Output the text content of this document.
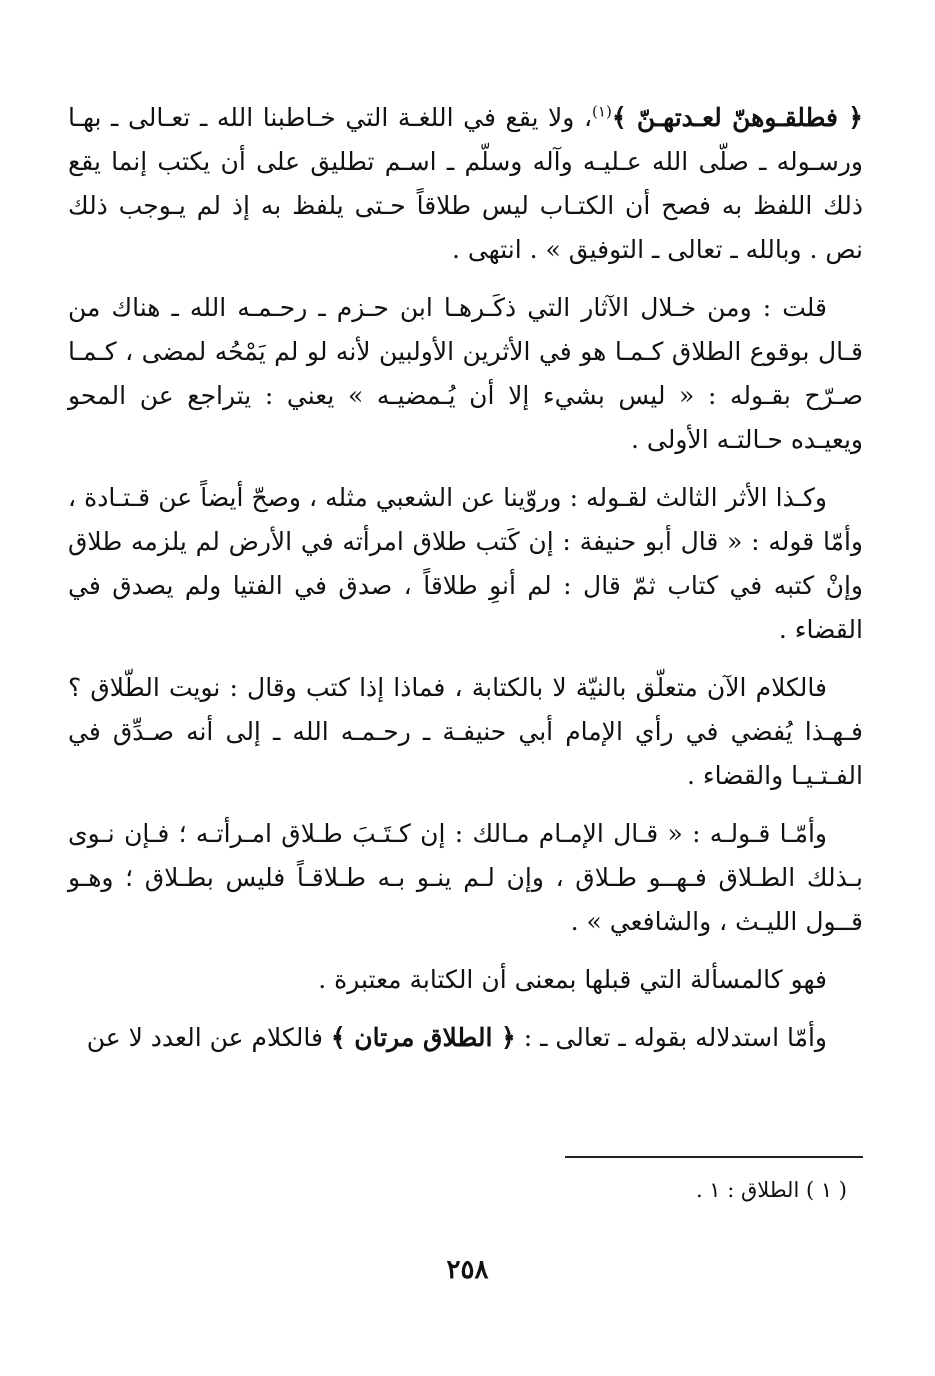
﴿ فطلقـوهنّ لعـدتهـنّ ﴾$^{(١)}$، ولا يقع في اللغـة التي خـاطبنا الله ـ تعـالى ـ بهـا ورسـوله ـ صلّى الله عـليـه وآله وسلّم ـ اسـم تطليق على أن يكتب إنما يقع ذلك اللفظ به فصح أن الكتـاب ليس طلاقاً حـتى يلفظ به إذ لم يـوجب ذلك نص . وبالله ـ تعالى ـ التوفيق » . انتهى .

قلت : ومن خـلال الآثار التي ذكَـرهـا ابن حـزم ـ رحـمـه الله ـ هناك من قـال بوقوع الطلاق كـمـا هو في الأثرين الأولبين لأنه لو لم يَمْحُه لمضى ، كـمـا صـرّح بقـوله : « ليس بشيء إلا أن يُـمضيـه » يعني : يتراجع عن المحو ويعيـده حـالتـه الأولى .

وكـذا الأثر الثالث لقـوله : وروّينا عن الشعبي مثله ، وصحّ أيضاً عن قـتـادة ، وأمّا قوله : « قال أبو حنيفة : إن كَتب طلاق امرأته في الأرض لم يلزمه طلاق وإنْ كتبه في كتاب ثمّ قال : لم أنوِ طلاقاً ، صدق في الفتيا ولم يصدق في القضاء .

فالكلام الآن متعلّق بالنيّة لا بالكتابة ، فماذا إذا كتب وقال : نويت الطّلاق ؟ فـهـذا يُفضي في رأي الإمام أبي حنيفـة ـ رحـمـه الله ـ إلى أنه صـدِّق في الفـتـيـا والقضاء .

وأمّـا قـولـه : « قـال الإمـام مـالك : إن كـتَـبَ طـلاق امـرأتـه ؛ فـإن نـوى بـذلك الطـلاق فـهــو طـلاق ، وإن لـم ينـو بـه طـلاقـاً فليس بطـلاق ؛ وهـو قــول الليـث ، والشافعي » .

فهو كالمسألة التي قبلها بمعنى أن الكتابة معتبرة .

وأمّا استدلاله بقوله ـ تعالى ـ : ﴿ الطلاق مرتان ﴾ فالكلام عن العدد لا عن

( ١ ) الطلاق : ١ .
٢٥٨
